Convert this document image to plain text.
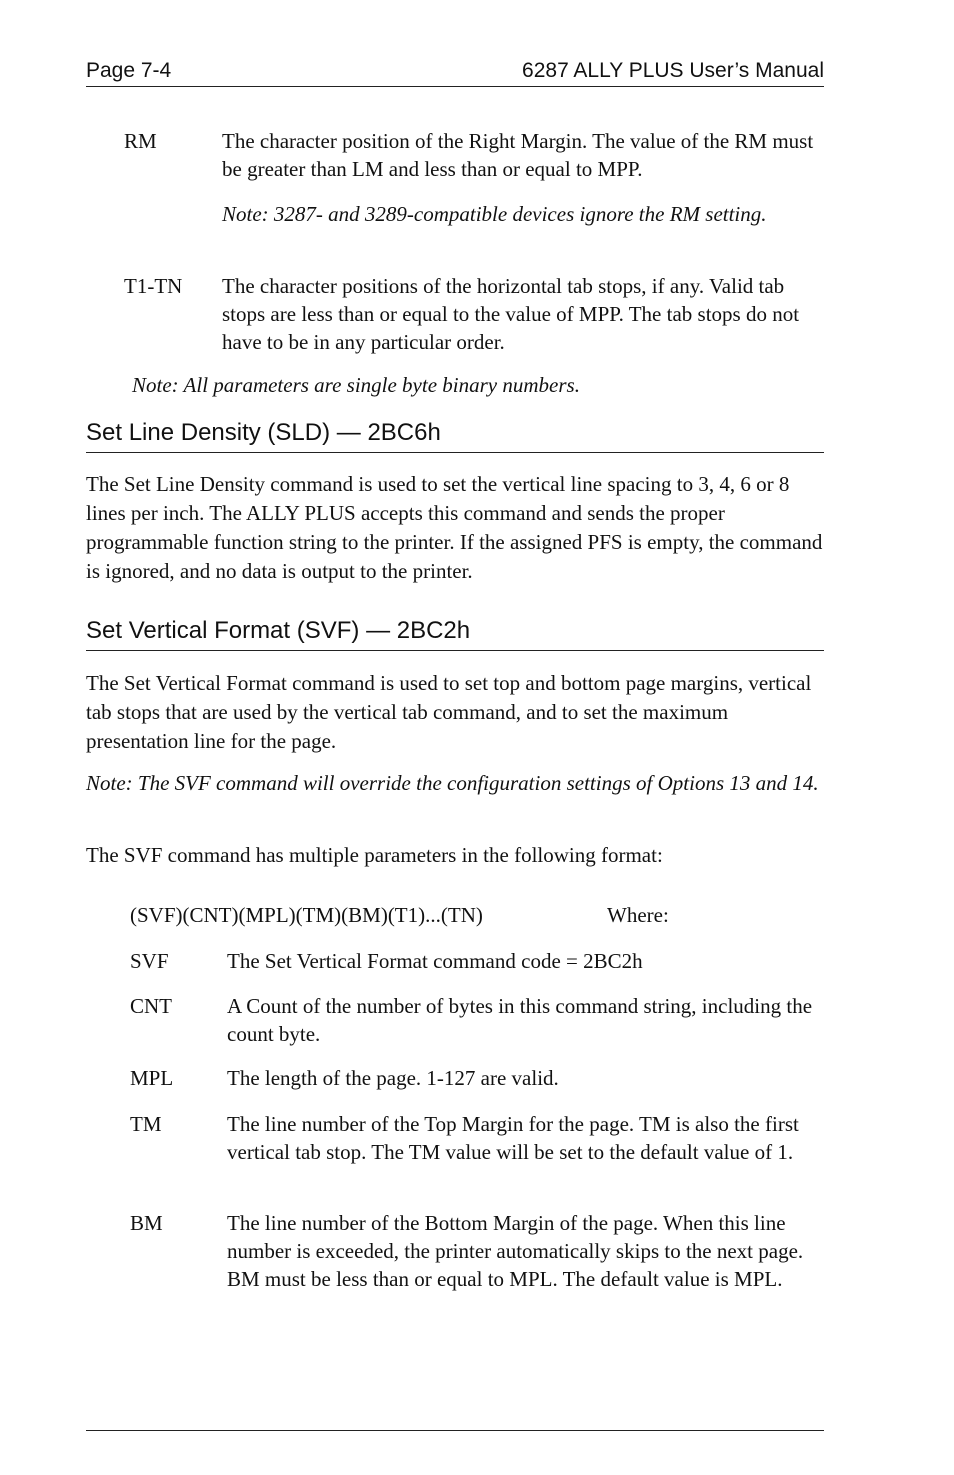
Page 7-4	6287 ALLY PLUS User’s Manual
RM	The character position of the Right Margin. The value of the RM must be greater than LM and less than or equal to MPP.
Note: 3287- and 3289-compatible devices ignore the RM setting.
T1-TN The character positions of the horizontal tab stops, if any. Valid tab stops are less than or equal to the value of MPP. The tab stops do not have to be in any particular order.

Note: All parameters are single byte binary numbers.

Set Line Density (SLD) — 2BC6h

The Set Line Density command is used to set the vertical line spacing to 3, 4, 6 or 8 lines per inch. The ALLY PLUS accepts this command and sends the proper programmable function string to the printer. If the assigned PFS is empty, the command is ignored, and no data is output to the printer.

Set Vertical Format (SVF) — 2BC2h

The Set Vertical Format command is used to set top and bottom page margins, vertical tab stops that are used by the vertical tab command, and to set the maximum presentation line for the page.

Note: The SVF command will override the configuration settings of Options 13 and 14.

The SVF command has multiple parameters in the following format:

(SVF)(CNT)(MPL)(TM)(BM)(T1)...(TN)	Where:
SVF	The Set Vertical Format command code = 2BC2h
CNT	A Count of the number of bytes in this command string, including the count byte.
MPL	The length of the page. 1-127 are valid.
TM	The line number of the Top Margin for the page. TM is also the first vertical tab stop. The TM value will be set to the default value of 1.
BM	The line number of the Bottom Margin of the page. When this line number is exceeded, the printer automatically skips to the next page. BM must be less than or equal to MPL. The default value is MPL.
